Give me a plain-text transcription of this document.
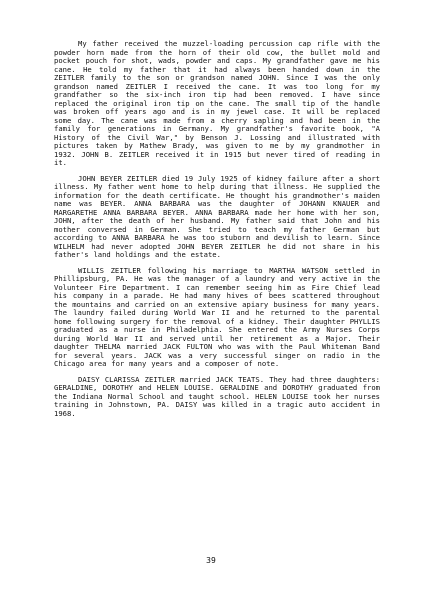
My father received the muzzel-loading percussion cap rifle with the powder horn made from the horn of their old cow, the bullet mold and pocket pouch for shot, wads, powder and caps. My grandfather gave me his cane. He told my father that it had always been handed down in the ZEITLER family to the son or grandson named JOHN. Since I was the only grandson named ZEITLER I received the cane. It was too long for my grandfather so the six-inch iron tip had been removed. I have since replaced the original iron tip on the cane. The small tip of the handle was broken off years ago and is in my jewel case. It will be replaced some day. The cane was made from a cherry sapling and had been in the family for generations in Germany. My grandfather's favorite book, "A History of the Civil War," by Benson J. Lossing and illustrated with pictures taken by Mathew Brady, was given to me by my grandmother in 1932. JOHN B. ZEITLER received it in 1915 but never tired of reading in it.

JOHN BEYER ZEITLER died 19 July 1925 of kidney failure after a short illness. My father went home to help during that illness. He supplied the information for the death certificate. He thought his grandmother's maiden name was BEYER. ANNA BARBARA was the daughter of JOHANN KNAUER and MARGARETHE ANNA BARBARA BEYER. ANNA BARBARA made her home with her son, JOHN, after the death of her husband. My father said that John and his mother conversed in German. She tried to teach my father German but according to ANNA BARBARA he was too stuborn and devilish to learn. Since WILHELM had never adopted JOHN BEYER ZEITLER he did not share in his father's land holdings and the estate.

WILLIS ZEITLER following his marriage to MARTHA WATSON settled in Phillipsburg, PA. He was the manager of a laundry and very active in the Volunteer Fire Department. I can remember seeing him as Fire Chief lead his company in a parade. He had many hives of bees scattered throughout the mountains and carried on an extensive apiary business for many years. The laundry failed during World War II and he returned to the parental home following surgery for the removal of a kidney. Their daughter PHYLLIS graduated as a nurse in Philadelphia. She entered the Army Nurses Corps during World War II and served until her retirement as a Major. Their daughter THELMA married JACK FULTON who was with the Paul Whiteman Band for several years. JACK was a very successful singer on radio in the Chicago area for many years and a composer of note.

DAISY CLARISSA ZEITLER married JACK TEATS. They had three daughters: GERALDINE, DOROTHY and HELEN LOUISE. GERALDINE and DOROTHY graduated from the Indiana Normal School and taught school. HELEN LOUISE took her nurses training in Johnstown, PA. DAISY was killed in a tragic auto accident in 1968.

39
